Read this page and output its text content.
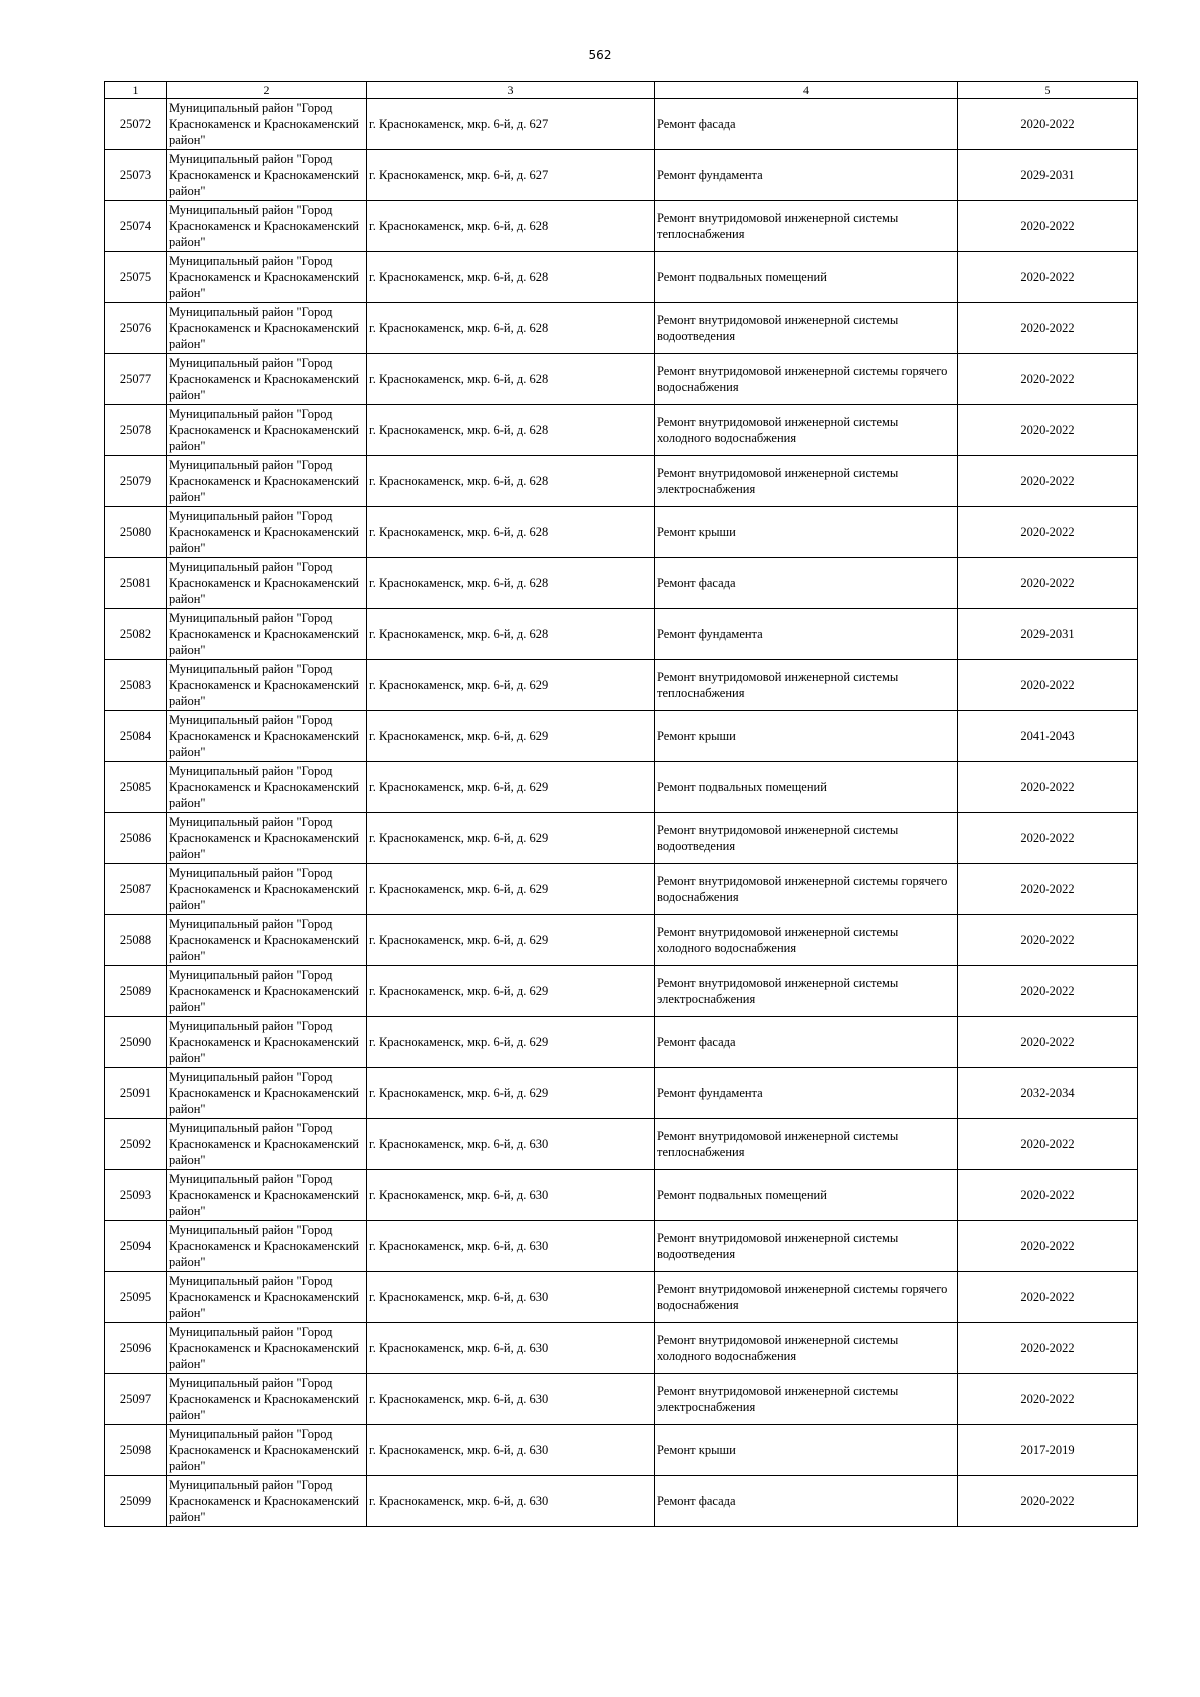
562
1	2	3	4	5
25072	Муниципальный район "Город Краснокаменск и Краснокаменский район"	г. Краснокаменск, мкр. 6-й, д. 627	Ремонт фасада	2020-2022
25073	Муниципальный район "Город Краснокаменск и Краснокаменский район"	г. Краснокаменск, мкр. 6-й, д. 627	Ремонт фундамента	2029-2031
25074	Муниципальный район "Город Краснокаменск и Краснокаменский район"	г. Краснокаменск, мкр. 6-й, д. 628	Ремонт внутридомовой инженерной системы теплоснабжения	2020-2022
25075	Муниципальный район "Город Краснокаменск и Краснокаменский район"	г. Краснокаменск, мкр. 6-й, д. 628	Ремонт подвальных помещений	2020-2022
25076	Муниципальный район "Город Краснокаменск и Краснокаменский район"	г. Краснокаменск, мкр. 6-й, д. 628	Ремонт внутридомовой инженерной системы водоотведения	2020-2022
25077	Муниципальный район "Город Краснокаменск и Краснокаменский район"	г. Краснокаменск, мкр. 6-й, д. 628	Ремонт внутридомовой инженерной системы горячего водоснабжения	2020-2022
25078	Муниципальный район "Город Краснокаменск и Краснокаменский район"	г. Краснокаменск, мкр. 6-й, д. 628	Ремонт внутридомовой инженерной системы холодного водоснабжения	2020-2022
25079	Муниципальный район "Город Краснокаменск и Краснокаменский район"	г. Краснокаменск, мкр. 6-й, д. 628	Ремонт внутридомовой инженерной системы электроснабжения	2020-2022
25080	Муниципальный район "Город Краснокаменск и Краснокаменский район"	г. Краснокаменск, мкр. 6-й, д. 628	Ремонт крыши	2020-2022
25081	Муниципальный район "Город Краснокаменск и Краснокаменский район"	г. Краснокаменск, мкр. 6-й, д. 628	Ремонт фасада	2020-2022
25082	Муниципальный район "Город Краснокаменск и Краснокаменский район"	г. Краснокаменск, мкр. 6-й, д. 628	Ремонт фундамента	2029-2031
25083	Муниципальный район "Город Краснокаменск и Краснокаменский район"	г. Краснокаменск, мкр. 6-й, д. 629	Ремонт внутридомовой инженерной системы теплоснабжения	2020-2022
25084	Муниципальный район "Город Краснокаменск и Краснокаменский район"	г. Краснокаменск, мкр. 6-й, д. 629	Ремонт крыши	2041-2043
25085	Муниципальный район "Город Краснокаменск и Краснокаменский район"	г. Краснокаменск, мкр. 6-й, д. 629	Ремонт подвальных помещений	2020-2022
25086	Муниципальный район "Город Краснокаменск и Краснокаменский район"	г. Краснокаменск, мкр. 6-й, д. 629	Ремонт внутридомовой инженерной системы водоотведения	2020-2022
25087	Муниципальный район "Город Краснокаменск и Краснокаменский район"	г. Краснокаменск, мкр. 6-й, д. 629	Ремонт внутридомовой инженерной системы горячего водоснабжения	2020-2022
25088	Муниципальный район "Город Краснокаменск и Краснокаменский район"	г. Краснокаменск, мкр. 6-й, д. 629	Ремонт внутридомовой инженерной системы холодного водоснабжения	2020-2022
25089	Муниципальный район "Город Краснокаменск и Краснокаменский район"	г. Краснокаменск, мкр. 6-й, д. 629	Ремонт внутридомовой инженерной системы электроснабжения	2020-2022
25090	Муниципальный район "Город Краснокаменск и Краснокаменский район"	г. Краснокаменск, мкр. 6-й, д. 629	Ремонт фасада	2020-2022
25091	Муниципальный район "Город Краснокаменск и Краснокаменский район"	г. Краснокаменск, мкр. 6-й, д. 629	Ремонт фундамента	2032-2034
25092	Муниципальный район "Город Краснокаменск и Краснокаменский район"	г. Краснокаменск, мкр. 6-й, д. 630	Ремонт внутридомовой инженерной системы теплоснабжения	2020-2022
25093	Муниципальный район "Город Краснокаменск и Краснокаменский район"	г. Краснокаменск, мкр. 6-й, д. 630	Ремонт подвальных помещений	2020-2022
25094	Муниципальный район "Город Краснокаменск и Краснокаменский район"	г. Краснокаменск, мкр. 6-й, д. 630	Ремонт внутридомовой инженерной системы водоотведения	2020-2022
25095	Муниципальный район "Город Краснокаменск и Краснокаменский район"	г. Краснокаменск, мкр. 6-й, д. 630	Ремонт внутридомовой инженерной системы горячего водоснабжения	2020-2022
25096	Муниципальный район "Город Краснокаменск и Краснокаменский район"	г. Краснокаменск, мкр. 6-й, д. 630	Ремонт внутридомовой инженерной системы холодного водоснабжения	2020-2022
25097	Муниципальный район "Город Краснокаменск и Краснокаменский район"	г. Краснокаменск, мкр. 6-й, д. 630	Ремонт внутридомовой инженерной системы электроснабжения	2020-2022
25098	Муниципальный район "Город Краснокаменск и Краснокаменский район"	г. Краснокаменск, мкр. 6-й, д. 630	Ремонт крыши	2017-2019
25099	Муниципальный район "Город Краснокаменск и Краснокаменский район"	г. Краснокаменск, мкр. 6-й, д. 630	Ремонт фасада	2020-2022
